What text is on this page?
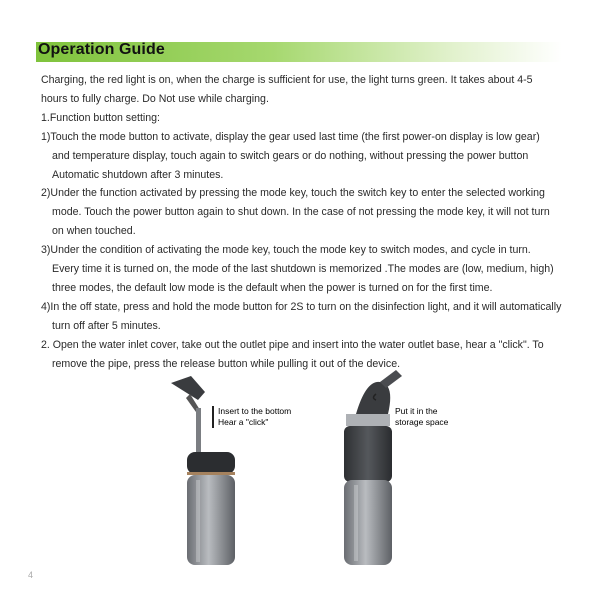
Operation Guide

Charging, the red light is on, when the charge is sufficient for use, the light turns green. It takes about 4-5

hours to fully charge. Do Not use while charging.

1.Function button setting:

1)Touch the mode button to activate, display the gear used last time (the first power-on display is low gear)

and temperature display, touch again to switch gears or do nothing, without pressing the power button

Automatic shutdown after 3 minutes.

2)Under the function activated by pressing the mode key, touch the switch key to enter the selected working

mode. Touch the power button again to shut down. In the case of not pressing the mode key, it will not turn

on when touched.

3)Under the condition of activating the mode key, touch the mode key to switch modes, and cycle in turn.

Every time it is turned on, the mode of the last shutdown is memorized .The modes are (low, medium, high)

three modes, the default low mode is the default when the power is turned on for the first time.

4)In the off state, press and hold the mode button for 2S to turn on the disinfection light, and it will automatically

turn off after 5 minutes.

2. Open the water inlet cover, take out the outlet pipe and insert into the water outlet base, hear a "click". To

remove the pipe, press the release button while pulling it out of the device.

Insert to the bottom
Hear a "click"
Put it in the
storage space
4
